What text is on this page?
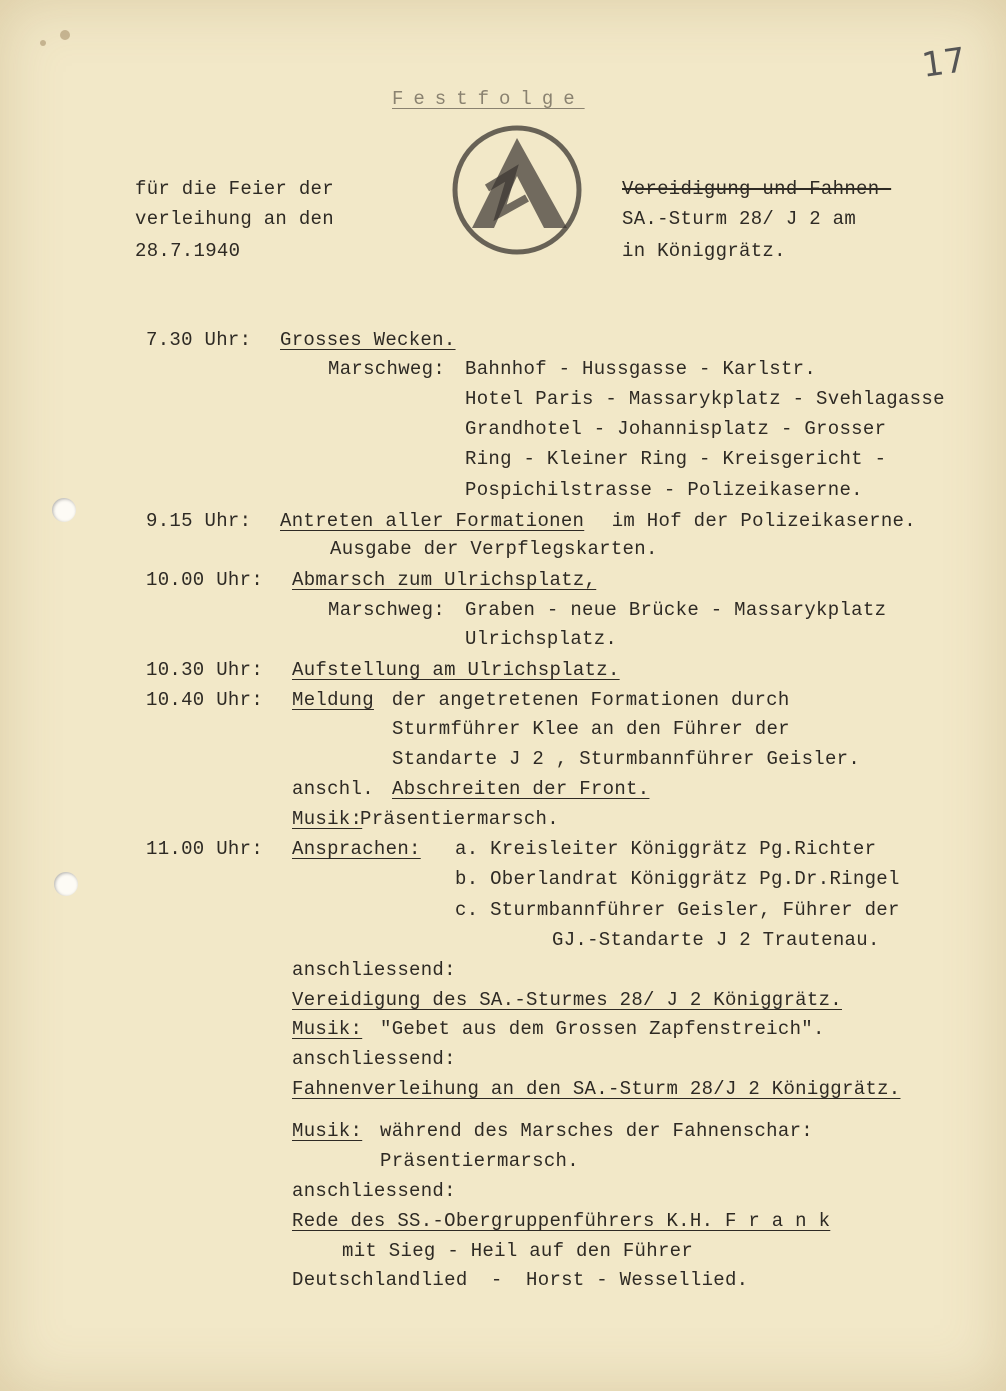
17
Festfolge
für die Feier der
verleihung an den
28.7.1940
Vereidigung und Fahnen-
SA.-Sturm 28/ J 2 am
in Königgrätz.
7.30 Uhr: Grosses Wecken.
Marschweg: Bahnhof - Hussgasse - Karlstr.
Hotel Paris - Massarykplatz - Svehlagasse
Grandhotel - Johannisplatz - Grosser
Ring - Kleiner Ring - Kreisgericht -
Pospichilstrasse - Polizeikaserne.
9.15 Uhr: Antreten aller Formationen im Hof der Polizeikaserne.
Ausgabe der Verpflegskarten.
10.00 Uhr: Abmarsch zum Ulrichsplatz,
Marschweg: Graben - neue Brücke - Massarykplatz
Ulrichsplatz.
10.30 Uhr: Aufstellung am Ulrichsplatz.
10.40 Uhr: Meldung der angetretenen Formationen durch
Sturmführer Klee an den Führer der
Standarte J 2 , Sturmbannführer Geisler.
anschl. Abschreiten der Front.
Musik:
Präsentiermarsch.
11.00 Uhr: Ansprachen: a. Kreisleiter Königgrätz Pg.Richter
b. Oberlandrat Königgrätz Pg.Dr.Ringel
c. Sturmbannführer Geisler, Führer der
GJ.-Standarte J 2 Trautenau.
anschliessend:
Vereidigung des SA.-Sturmes 28/ J 2 Königgrätz.
Musik: "Gebet aus dem Grossen Zapfenstreich".
anschliessend:
Fahnenverleihung an den SA.-Sturm 28/J 2 Königgrätz.
Musik: während des Marsches der Fahnenschar:
Präsentiermarsch.
anschliessend:
Rede des SS.-Obergruppenführers K.H. F r a n k
mit Sieg - Heil auf den Führer
Deutschlandlied  -  Horst - Wessellied.
